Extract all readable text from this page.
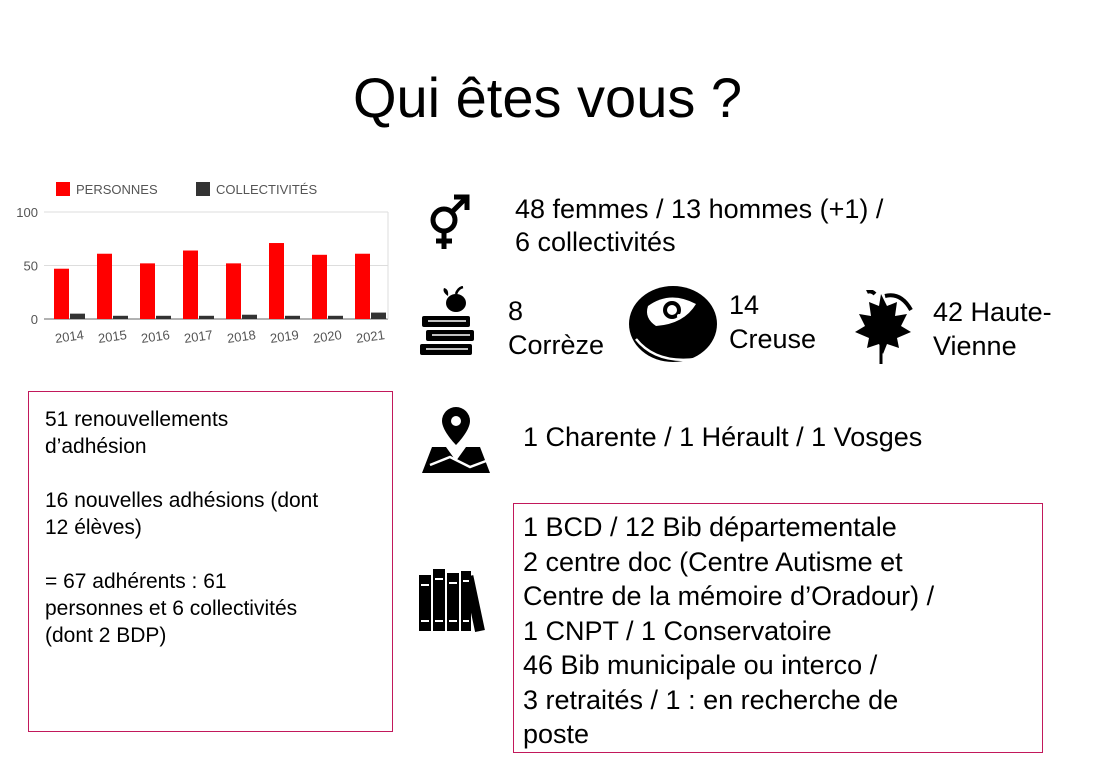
Qui êtes vous ?
PERSONNES	COLLECTIVITÉS
2014 2015 2016 2017 2018 2019 2020 2021
0
50
100	48 femmes / 13 hommes (+1) /
6 collectivités
8
Corrèze
14
Creuse
42 Haute-
Vienne
1 Charente / 1 Hérault / 1 Vosges

51 renouvellements
d’adhésion

16 nouvelles adhésions (dont
12 élèves)

= 67 adhérents : 61
personnes et 6 collectivités
(dont 2 BDP)

1 BCD / 12 Bib départementale
2 centre doc (Centre Autisme et
Centre de la mémoire d’Oradour) /
1 CNPT / 1 Conservatoire
46 Bib municipale ou interco /
3 retraités / 1 : en recherche de
poste
